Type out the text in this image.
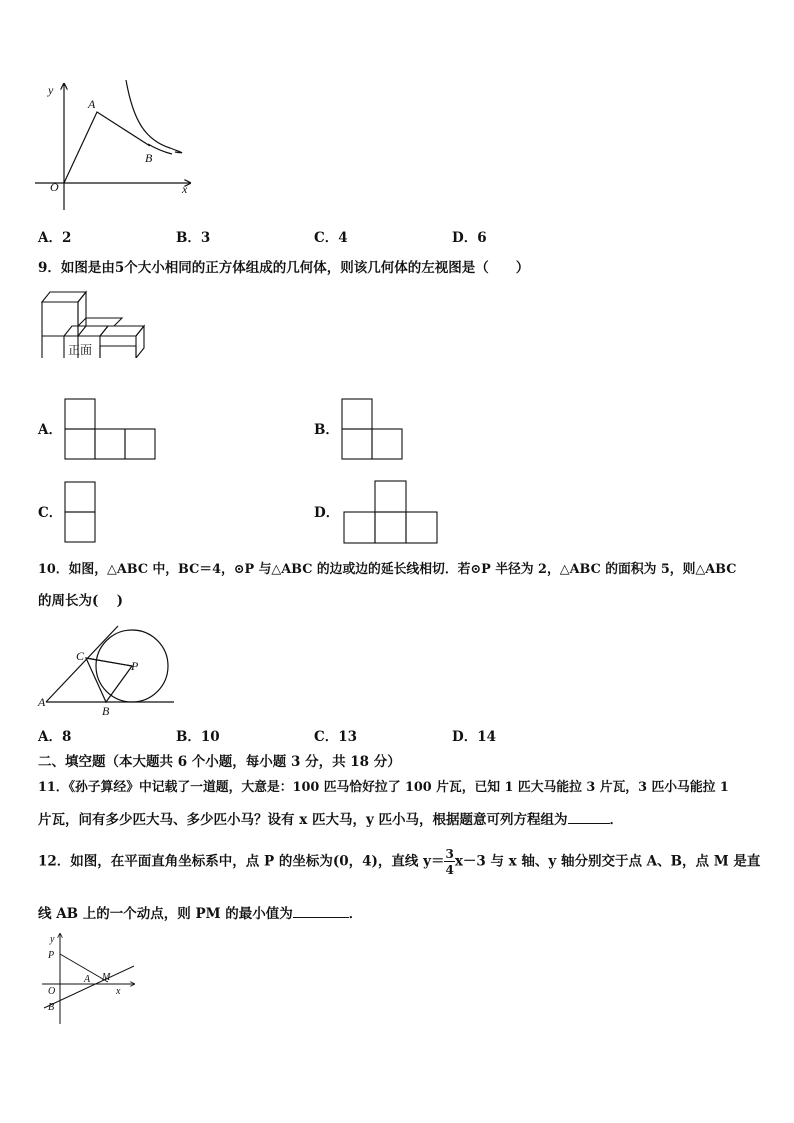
y
x
O
A
B
A．2	B．3	C．4	D．6
9．如图是由5个大小相同的正方体组成的几何体，则该几何体的左视图是（　　）
正面
A．	B．
C．	D．
10．如图，△ABC 中，BC＝4，⊙P 与△ABC 的边或边的延长线相切．若⊙P 半径为 2，△ABC 的面积为 5，则△ABC
的周长为(　 )
C
P
A
B
A．8	B．10	C．13	D．14
二、填空题（本大题共 6 个小题，每小题 3 分，共 18 分）
11．《孙子算经》中记载了一道题，大意是：100 匹马恰好拉了 100 片瓦，已知 1 匹大马能拉 3 片瓦，3 匹小马能拉 1
片瓦，问有多少匹大马、多少匹小马？设有 x 匹大马，y 匹小马，根据题意可列方程组为	．
12．如图，在平面直角坐标系中，点 P 的坐标为(0，4)，直线 $y= \frac{3}{4} x-3$ 与 x 轴、y 轴分别交于点 A、B，点 M 是直
线 AB 上的一个动点，则 PM 的最小值为	．
y
x
P
A M
O
B
